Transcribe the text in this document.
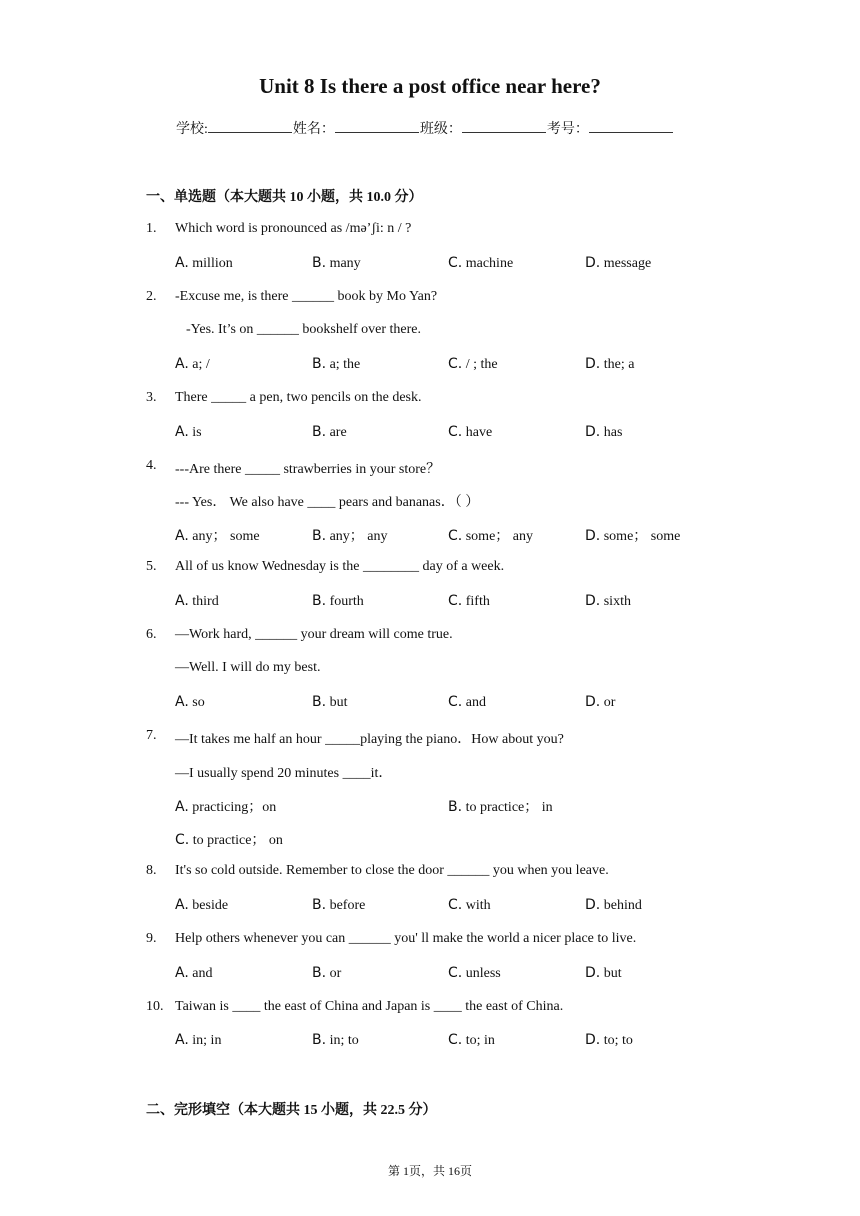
Unit 8 Is there a post office near here?
学校:	姓名：	班级：	考号：
一、单选题（本大题共 10 小题，共 10.0 分）
1.	Which word is pronounced as /mə’ʃi: n / ?
A. million	B. many	C. machine	D. message
2.	-Excuse me, is there ______ book by Mo Yan?
-Yes. It’s on ______ bookshelf over there.
A. a; /	B. a; the	C. / ; the	D. the; a
3.	There _____ a pen, two pencils on the desk.
A. is	B. are	C. have	D. has
4.	---Are there _____ strawberries in your store？
--- Yes． We also have ____ pears and bananas．（ ）
A. any； some	B. any； any	C. some； any	D. some； some
5.	All of us know Wednesday is the ________ day of a week.
A. third	B. fourth	C. fifth	D. sixth
6.	—Work hard, ______ your dream will come true.
—Well. I will do my best.
A. so	B. but	C. and	D. or
7.	—It takes me half an hour _____playing the piano．How about you?
—I usually spend 20 minutes ____it．
A. practicing；on	B. to practice； in
C. to practice； on
8.	It's so cold outside. Remember to close the door ______ you when you leave.
A. beside	B. before	C. with	D. behind
9.	Help others whenever you can ______ you' ll make the world a nicer place to live.
A. and	B. or	C. unless	D. but
10. Taiwan is ____ the east of China and Japan is ____ the east of China.
A. in; in	B. in; to	C. to; in	D. to; to
二、完形填空（本大题共 15 小题，共 22.5 分）
第 1页，共 16页
